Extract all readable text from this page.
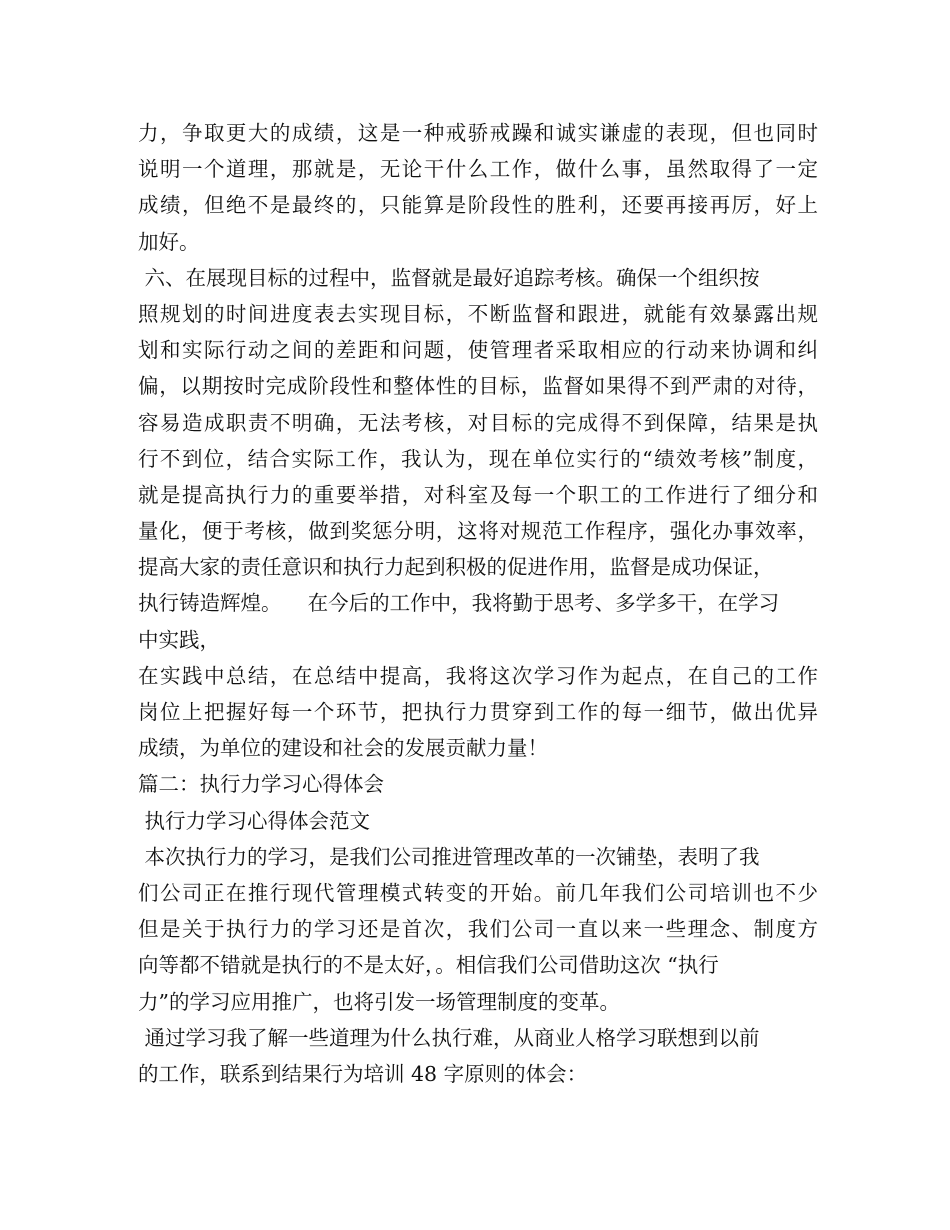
力，争取更大的成绩，这是一种戒骄戒躁和诚实谦虚的表现，但也同时
说明一个道理，那就是，无论干什么工作，做什么事，虽然取得了一定
成绩，但绝不是最终的，只能算是阶段性的胜利，还要再接再厉，好上
加好。
六、在展现目标的过程中，监督就是最好追踪考核。确保一个组织按
照规划的时间进度表去实现目标，不断监督和跟进，就能有效暴露出规
划和实际行动之间的差距和问题，使管理者采取相应的行动来协调和纠
偏，以期按时完成阶段性和整体性的目标，监督如果得不到严肃的对待，
容易造成职责不明确，无法考核，对目标的完成得不到保障，结果是执
行不到位，结合实际工作，我认为，现在单位实行的“绩效考核”制度，
就是提高执行力的重要举措，对科室及每一个职工的工作进行了细分和
量化，便于考核，做到奖惩分明，这将对规范工作程序，强化办事效率，
提高大家的责任意识和执行力起到积极的促进作用，监督是成功保证，
执行铸造辉煌。    在今后的工作中，我将勤于思考、多学多干，在学习
中实践，
在实践中总结，在总结中提高，我将这次学习作为起点，在自己的工作
岗位上把握好每一个环节，把执行力贯穿到工作的每一细节，做出优异
成绩，为单位的建设和社会的发展贡献力量！
篇二：执行力学习心得体会
执行力学习心得体会范文
本次执行力的学习，是我们公司推进管理改革的一次铺垫，表明了我
们公司正在推行现代管理模式转变的开始。前几年我们公司培训也不少
但是关于执行力的学习还是首次，我们公司一直以来一些理念、制度方
向等都不错就是执行的不是太好，。相信我们公司借助这次 “执行
力”的学习应用推广，也将引发一场管理制度的变革。
通过学习我了解一些道理为什么执行难，从商业人格学习联想到以前
的工作，联系到结果行为培训 48 字原则的体会：
